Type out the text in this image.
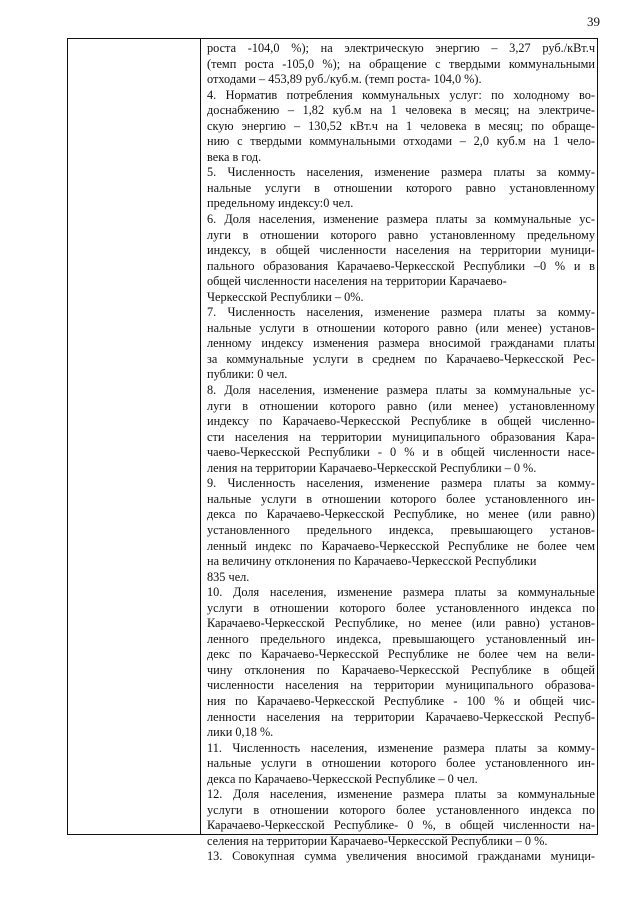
39
роста -104,0 %); на электрическую энергию – 3,27 руб./кВт.ч
(темп роста -105,0 %); на обращение с твердыми коммунальными
отходами – 453,89 руб./куб.м. (темп роста- 104,0 %).
4. Норматив потребления коммунальных услуг: по холодному во-
доснабжению – 1,82 куб.м на 1 человека в месяц; на электриче-
скую энергию – 130,52 кВт.ч на 1 человека в месяц; по обраще-
нию с твердыми коммунальными отходами – 2,0 куб.м на 1 чело-
века в год.
5. Численность населения, изменение размера платы за комму-
нальные услуги в отношении которого равно установленному
предельному индексу:0 чел.
6. Доля населения, изменение размера платы за коммунальные ус-
луги в отношении которого равно установленному предельному
индексу, в общей численности населения на территории муници-
пального образования Карачаево-Черкесской Республики –0 % и в
общей численности населения на территории Карачаево-
Черкесской Республики – 0%.
7. Численность населения, изменение размера платы за комму-
нальные услуги в отношении которого равно (или менее) установ-
ленному индексу изменения размера вносимой гражданами платы
за коммунальные услуги в среднем по Карачаево-Черкесской Рес-
публики: 0 чел.
8. Доля населения, изменение размера платы за коммунальные ус-
луги в отношении которого равно (или менее) установленному
индексу по Карачаево-Черкесской Республике в общей численно-
сти населения на территории муниципального образования Кара-
чаево-Черкесской Республики - 0 % и в общей численности насе-
ления на территории Карачаево-Черкесской Республики – 0 %.
9. Численность населения, изменение размера платы за комму-
нальные услуги в отношении которого более установленного ин-
декса по Карачаево-Черкесской Республике, но менее (или равно)
установленного предельного индекса, превышающего установ-
ленный индекс по Карачаево-Черкесской Республике не более чем
на величину отклонения по Карачаево-Черкесской Республики
835 чел.
10. Доля населения, изменение размера платы за коммунальные
услуги в отношении которого более установленного индекса по
Карачаево-Черкесской Республике, но менее (или равно) установ-
ленного предельного индекса, превышающего установленный ин-
декс по Карачаево-Черкесской Республике не более чем на вели-
чину отклонения по Карачаево-Черкесской Республике в общей
численности населения на территории муниципального образова-
ния по Карачаево-Черкесской Республике - 100 % и общей чис-
ленности населения на территории Карачаево-Черкесской Респуб-
лики 0,18 %.
11. Численность населения, изменение размера платы за комму-
нальные услуги в отношении которого более установленного ин-
декса по Карачаево-Черкесской Республике – 0 чел.
12. Доля населения, изменение размера платы за коммунальные
услуги в отношении которого более установленного индекса по
Карачаево-Черкесской Республике- 0 %, в общей численности на-
селения на территории Карачаево-Черкесской Республики – 0 %.
13. Совокупная сумма увеличения вносимой гражданами муници-
